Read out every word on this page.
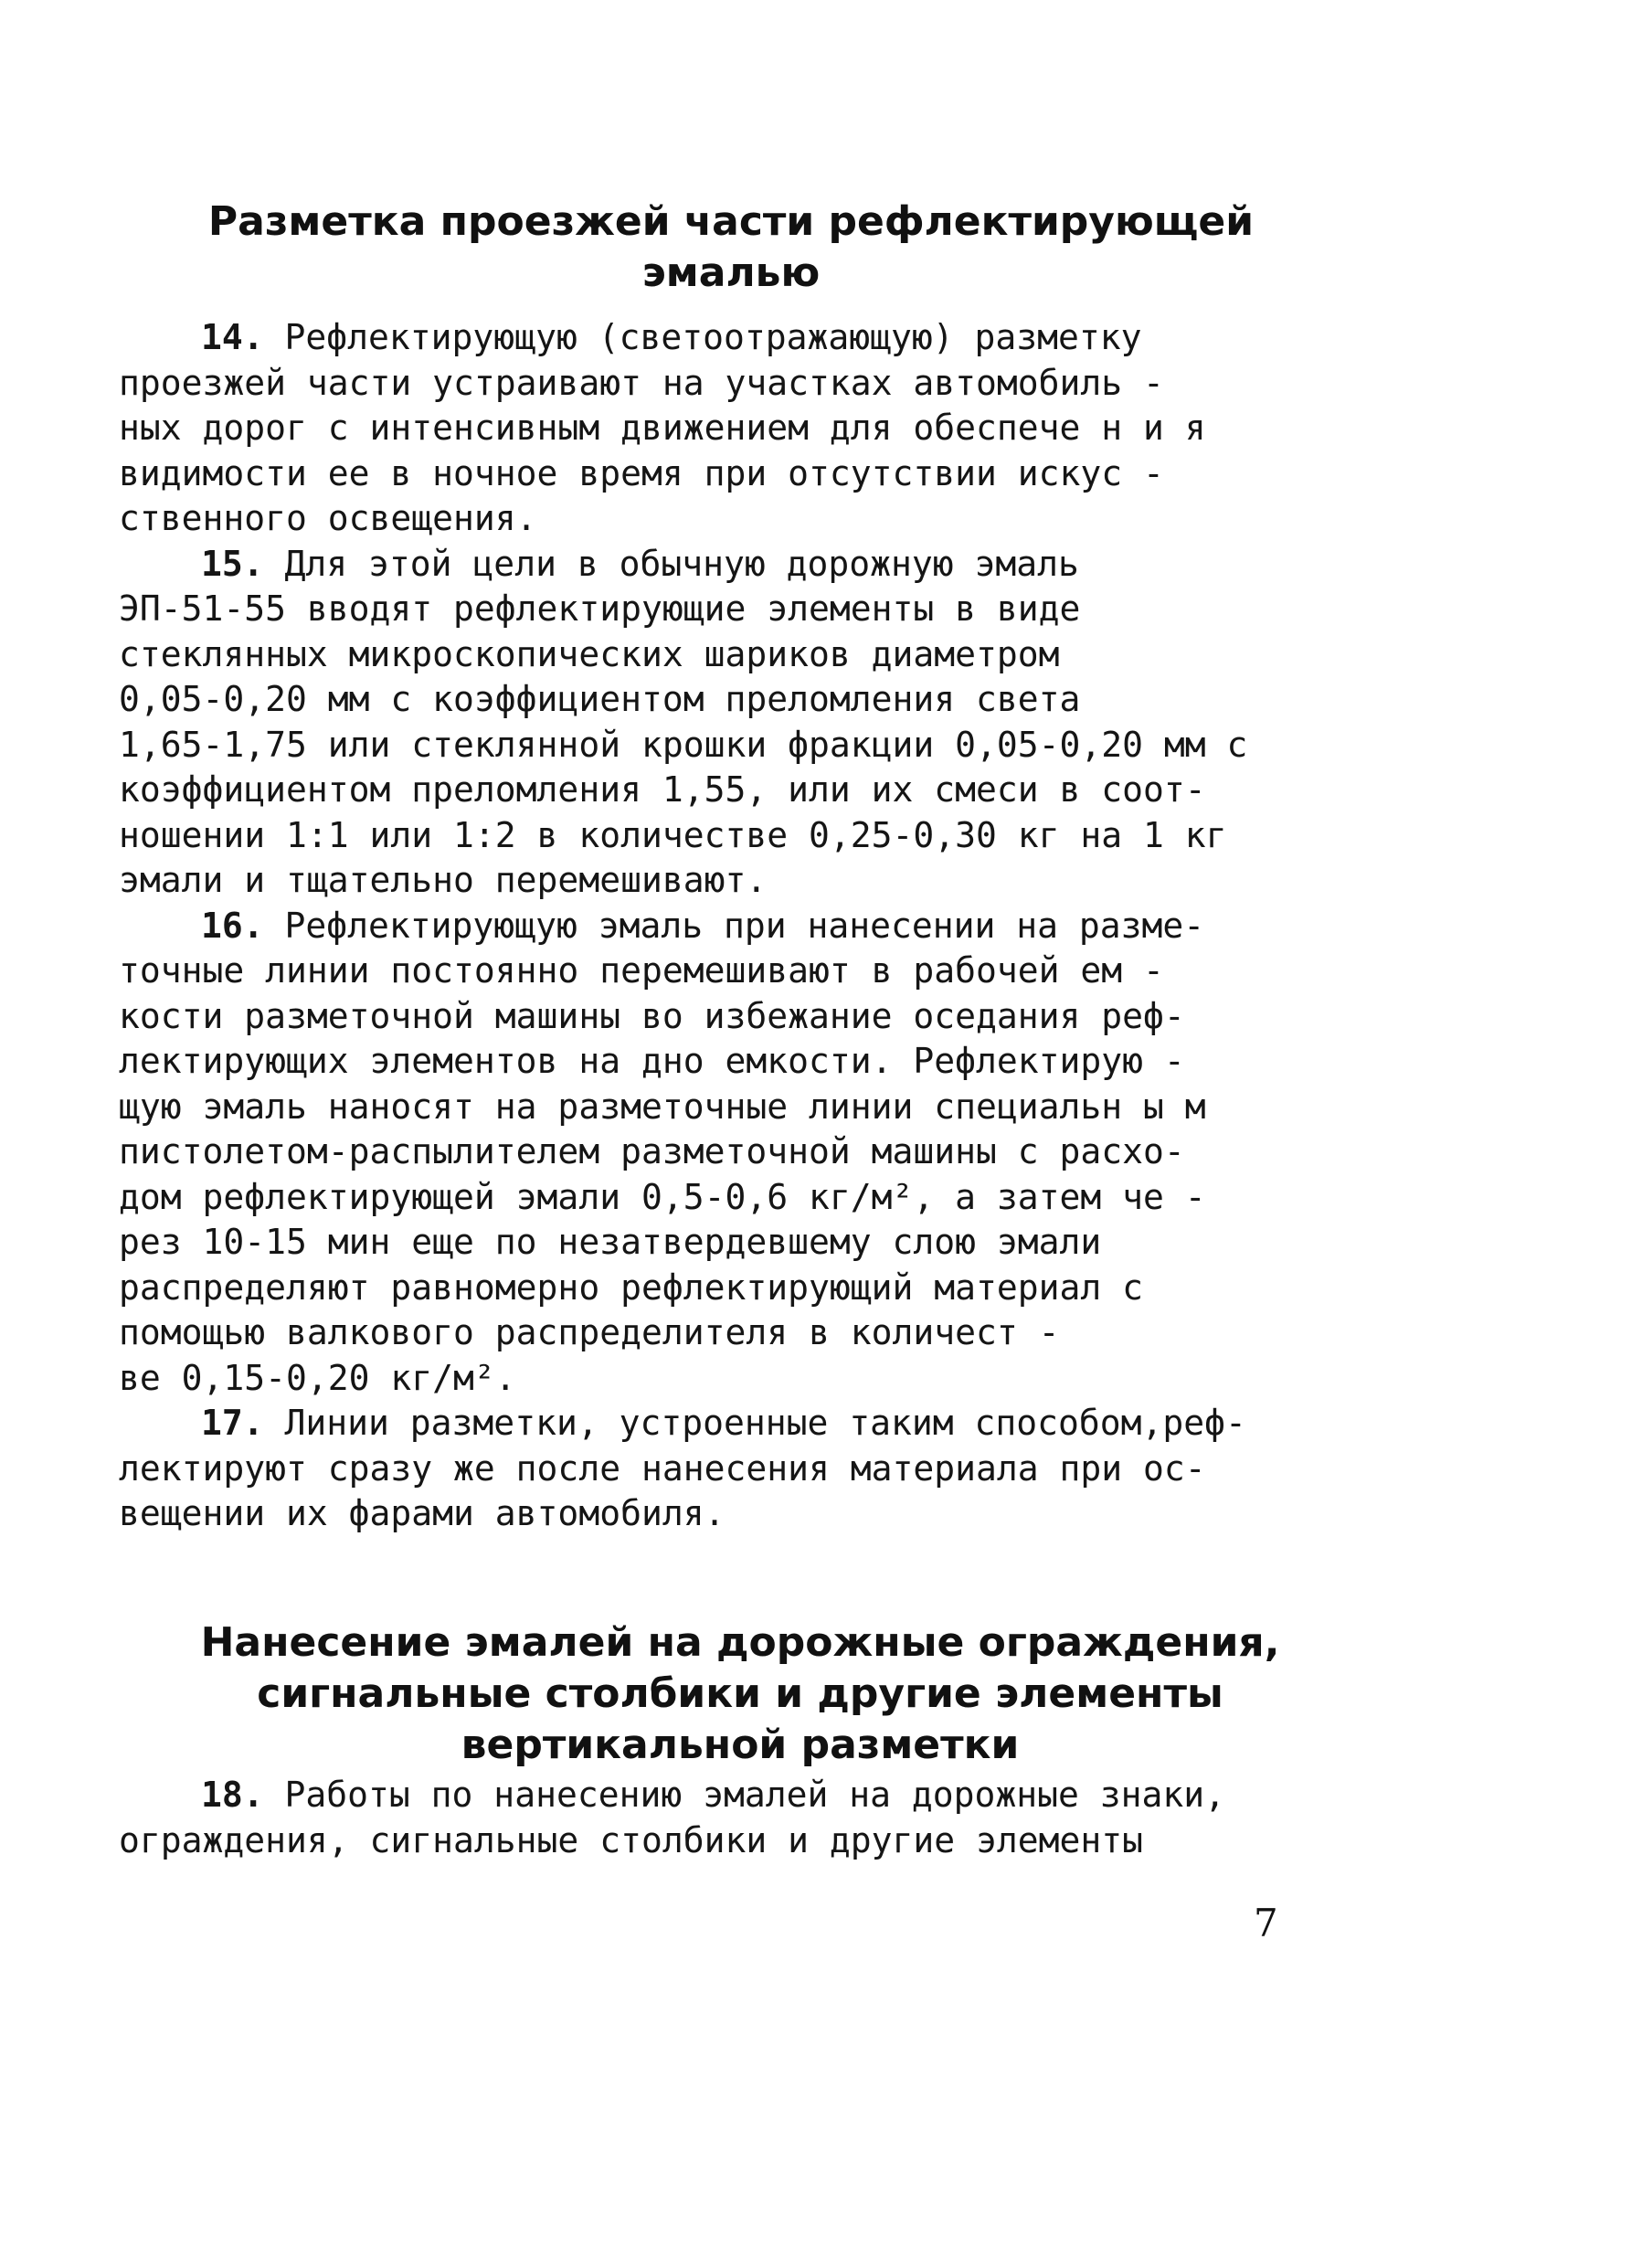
Разметка проезжей части рефлектирующей
эмалью
14. Рефлектирующую (светоотражающую) разметку
проезжей части устраивают на участках автомобиль -
ных дорог с интенсивным движением для обеспече н и я
видимости ее в ночное время при отсутствии искус -
ственного освещения.
15. Для этой цели в обычную дорожную эмаль
ЭП-51-55 вводят рефлектирующие элементы в виде
стеклянных микроскопических шариков диаметром
0,05-0,20 мм с коэффициентом преломления света
1,65-1,75 или стеклянной крошки фракции 0,05-0,20 мм с
коэффициентом преломления 1,55, или их смеси в соот-
ношении 1:1 или 1:2 в количестве 0,25-0,30 кг на 1 кг
эмали и тщательно перемешивают.
16. Рефлектирующую эмаль при нанесении на разме-
точные линии постоянно перемешивают в рабочей ем -
кости разметочной машины во избежание оседания реф-
лектирующих элементов на дно емкости. Рефлектирую -
щую эмаль наносят на разметочные линии специальн ы м
пистолетом-распылителем разметочной машины с расхо-
дом рефлектирующей эмали 0,5-0,6 кг/м², а затем че -
рез 10-15 мин еще по незатвердевшему слою эмали
распределяют равномерно рефлектирующий материал с
помощью валкового распределителя в количест -
ве 0,15-0,20 кг/м².
17. Линии разметки, устроенные таким способом,реф-
лектируют сразу же после нанесения материала при ос-
вещении их фарами автомобиля.
Нанесение эмалей на дорожные ограждения,
сигнальные столбики и другие элементы
вертикальной разметки
18. Работы по нанесению эмалей на дорожные знаки,
ограждения, сигнальные столбики и другие элементы
7
